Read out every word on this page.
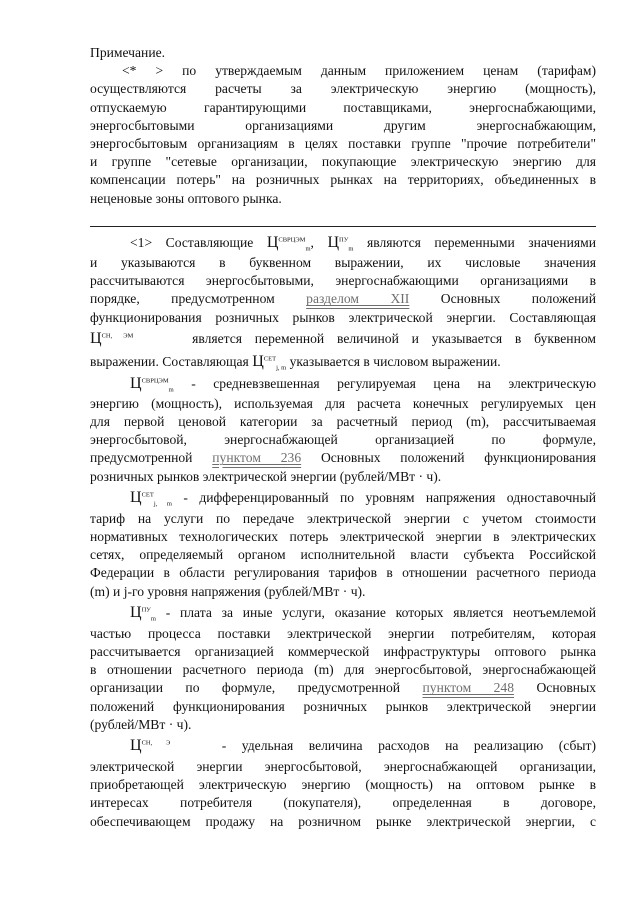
Примечание.

<* > по утверждаемым данным приложением ценам (тарифам)

осуществляются расчеты за электрическую энергию (мощность),

отпускаемую гарантирующими поставщиками, энергоснабжающими,

энергосбытовыми организациями другим энергоснабжающим,

энергосбытовым организациям в целях поставки группе "прочие потребители"

и группе "сетевые организации, покупающие электрическую энергию для

компенсации потерь" на розничных рынках на территориях, объединенных в

неценовые зоны оптового рынка.

<1> Составляющие $Ц^{СВРЦЭМ}_m$, $Ц^{ПУ}_m$ являются переменными значениями

и указываются в буквенном выражении, их числовые значения

рассчитываются энергосбытовыми, энергоснабжающими организациями в

порядке, предусмотренном разделом XII Основных положений

функционирования розничных рынков электрической энергии. Составляющая

$Ц^{СН, ЭМ}$	является переменной величиной и указывается в буквенном

выражении. Составляющая $Ц^{СЕТ}_{j, m}$ указывается в числовом выражении.

$Ц^{СВРЦЭМ}_m$ - средневзвешенная регулируемая цена на электрическую

энергию (мощность), используемая для расчета конечных регулируемых цен

для первой ценовой категории за расчетный период (m), рассчитываемая

энергосбытовой, энергоснабжающей организацией по формуле,

предусмотренной пунктом 236 Основных положений функционирования

розничных рынков электрической энергии (рублей/МВт · ч).

$Ц^{СЕТ}_{j, m}$ - дифференцированный по уровням напряжения одноставочный

тариф на услуги по передаче электрической энергии с учетом стоимости

нормативных технологических потерь электрической энергии в электрических

сетях, определяемый органом исполнительной власти субъекта Российской

Федерации в области регулирования тарифов в отношении расчетного периода

(m) и j-го уровня напряжения (рублей/МВт · ч).

$Ц^{ПУ}_m$ - плата за иные услуги, оказание которых является неотъемлемой

частью процесса поставки электрической энергии потребителям, которая

рассчитывается организацией коммерческой инфраструктуры оптового рынка

в отношении расчетного периода (m) для энергосбытовой, энергоснабжающей

организации по формуле, предусмотренной пунктом 248 Основных

положений функционирования розничных рынков электрической энергии

(рублей/МВт · ч).

$Ц^{СН, Э}$	- удельная величина расходов на реализацию (сбыт)

электрической энергии энергосбытовой, энергоснабжающей организации,

приобретающей электрическую энергию (мощность) на оптовом рынке в

интересах потребителя (покупателя), определенная в договоре,

обеспечивающем продажу на розничном рынке электрической энергии, с
